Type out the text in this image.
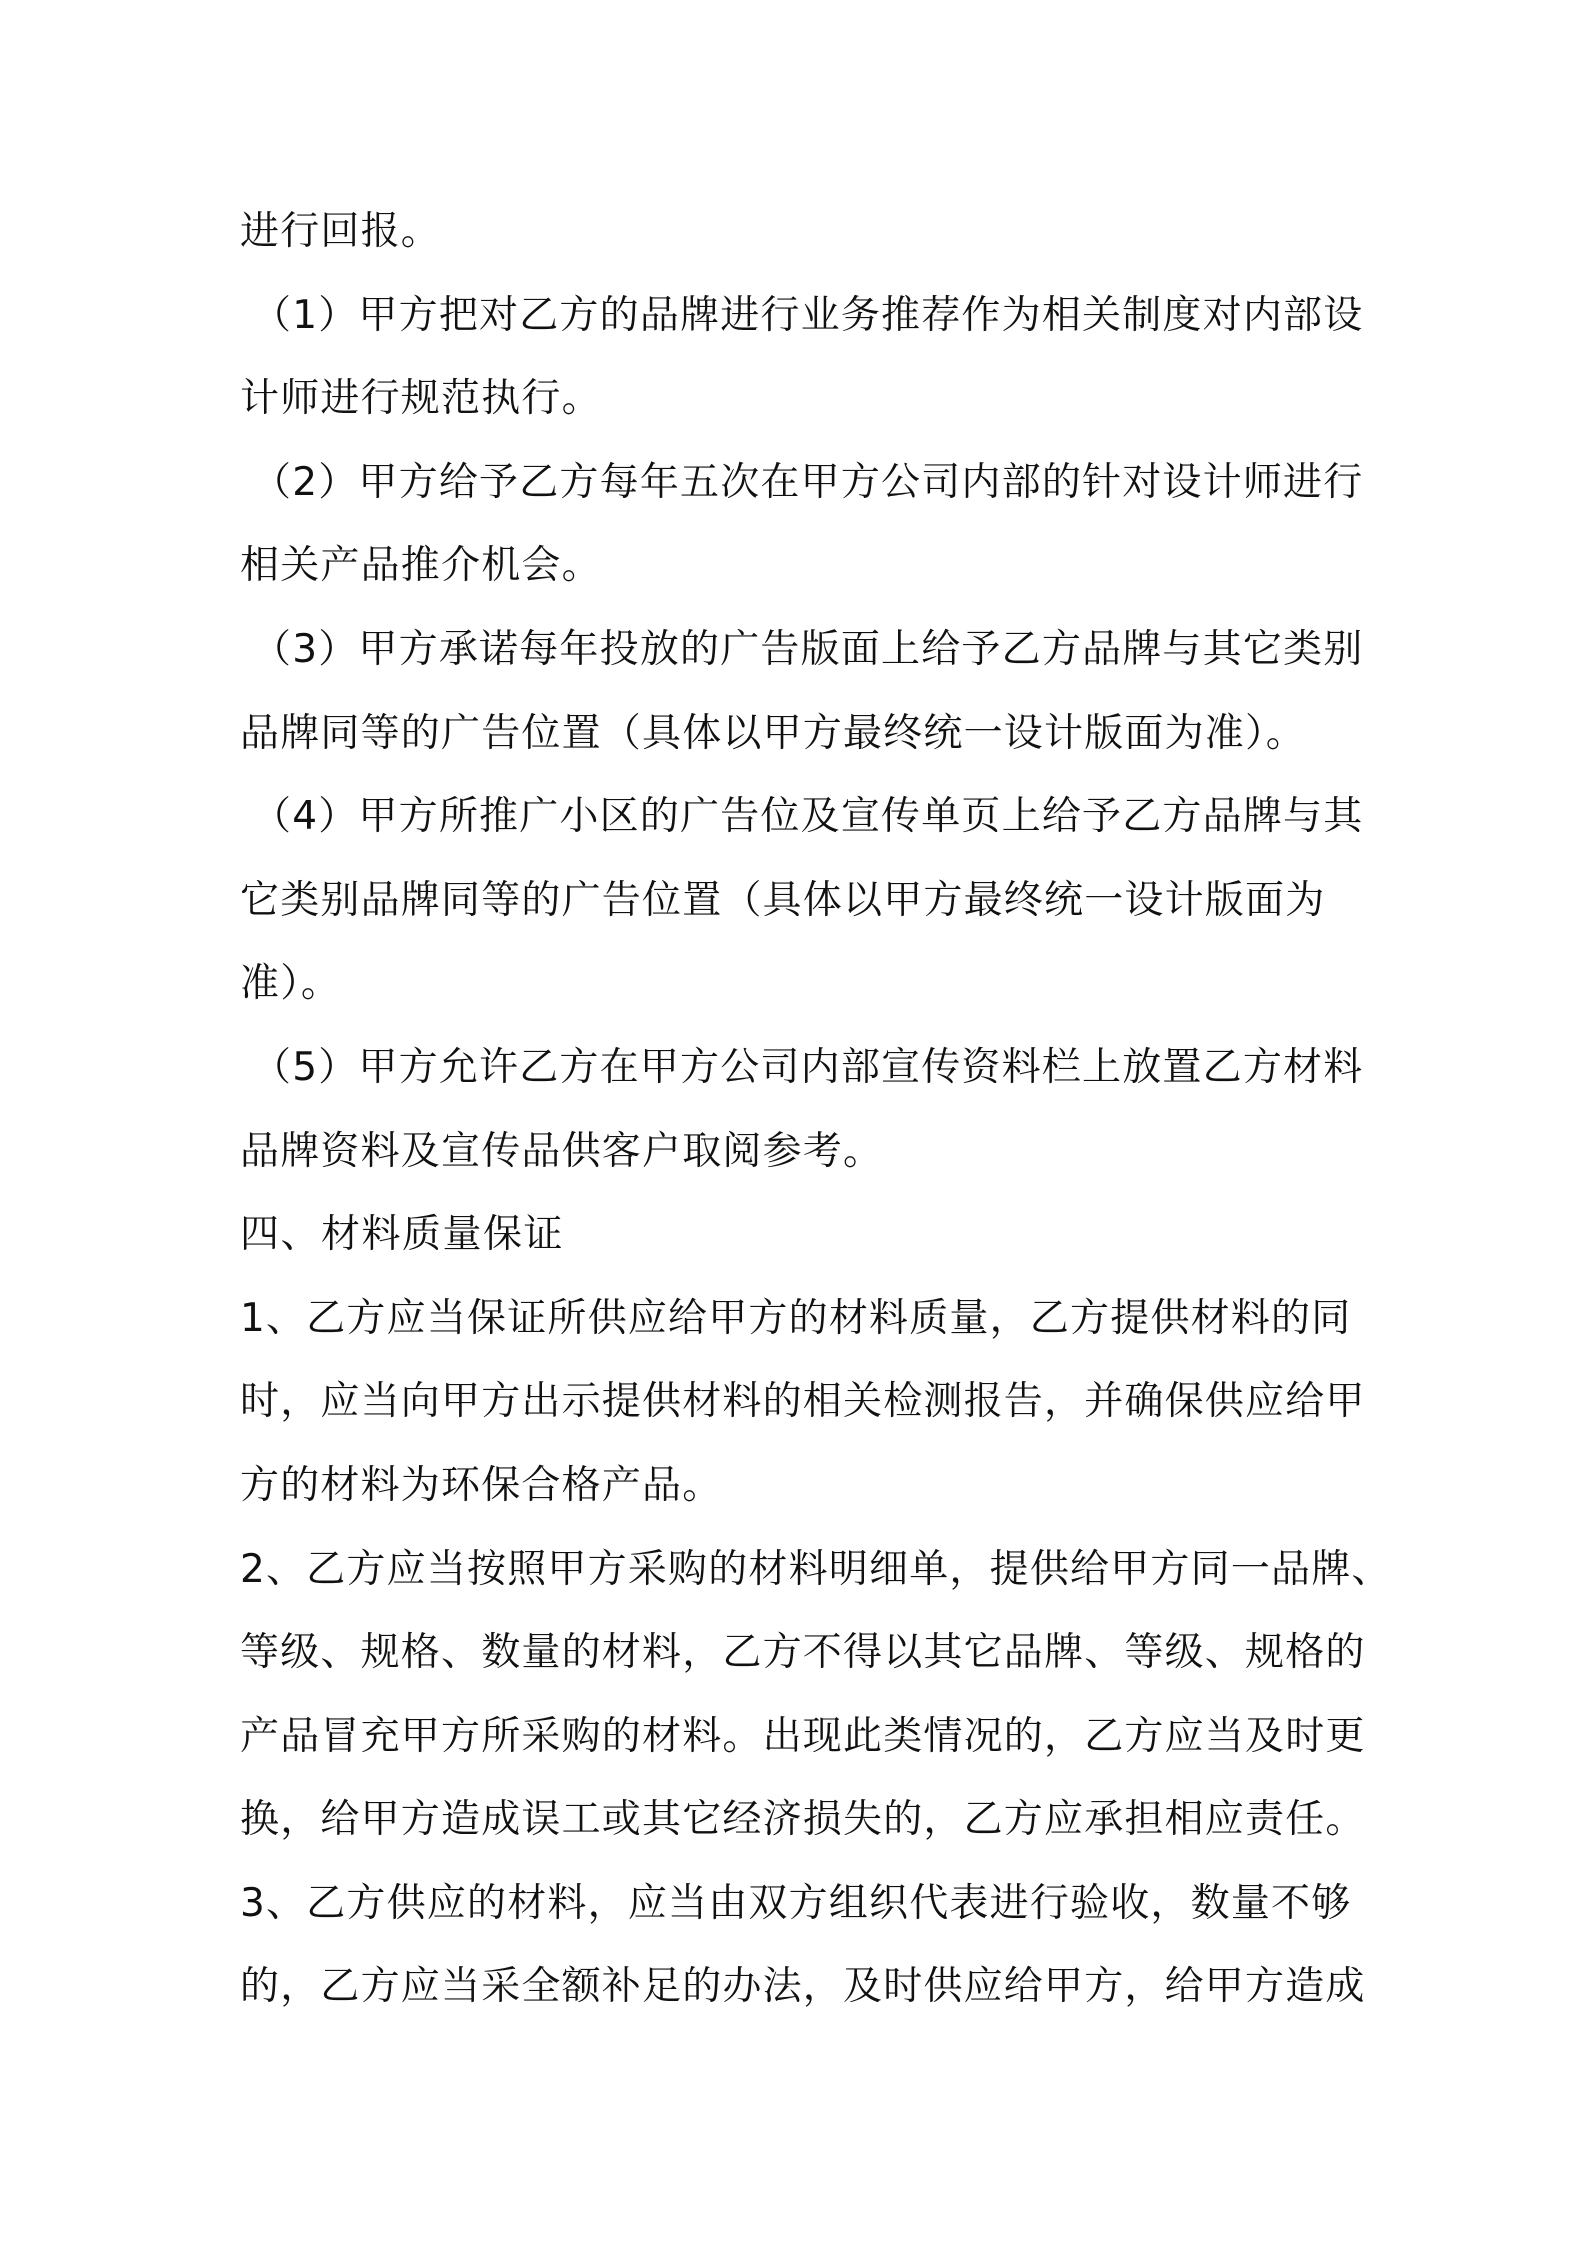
进行回报。
（1）甲方把对乙方的品牌进行业务推荐作为相关制度对内部设
计师进行规范执行。
（2）甲方给予乙方每年五次在甲方公司内部的针对设计师进行
相关产品推介机会。
（3）甲方承诺每年投放的广告版面上给予乙方品牌与其它类别
品牌同等的广告位置（具体以甲方最终统一设计版面为准）。
（4）甲方所推广小区的广告位及宣传单页上给予乙方品牌与其
它类别品牌同等的广告位置（具体以甲方最终统一设计版面为
准）。
（5）甲方允许乙方在甲方公司内部宣传资料栏上放置乙方材料
品牌资料及宣传品供客户取阅参考。
四、材料质量保证
1、乙方应当保证所供应给甲方的材料质量，乙方提供材料的同
时，应当向甲方出示提供材料的相关检测报告，并确保供应给甲
方的材料为环保合格产品。
2、乙方应当按照甲方采购的材料明细单，提供给甲方同一品牌、
等级、规格、数量的材料，乙方不得以其它品牌、等级、规格的
产品冒充甲方所采购的材料。出现此类情况的，乙方应当及时更
换，给甲方造成误工或其它经济损失的，乙方应承担相应责任。
3、乙方供应的材料，应当由双方组织代表进行验收，数量不够
的，乙方应当采全额补足的办法，及时供应给甲方，给甲方造成
